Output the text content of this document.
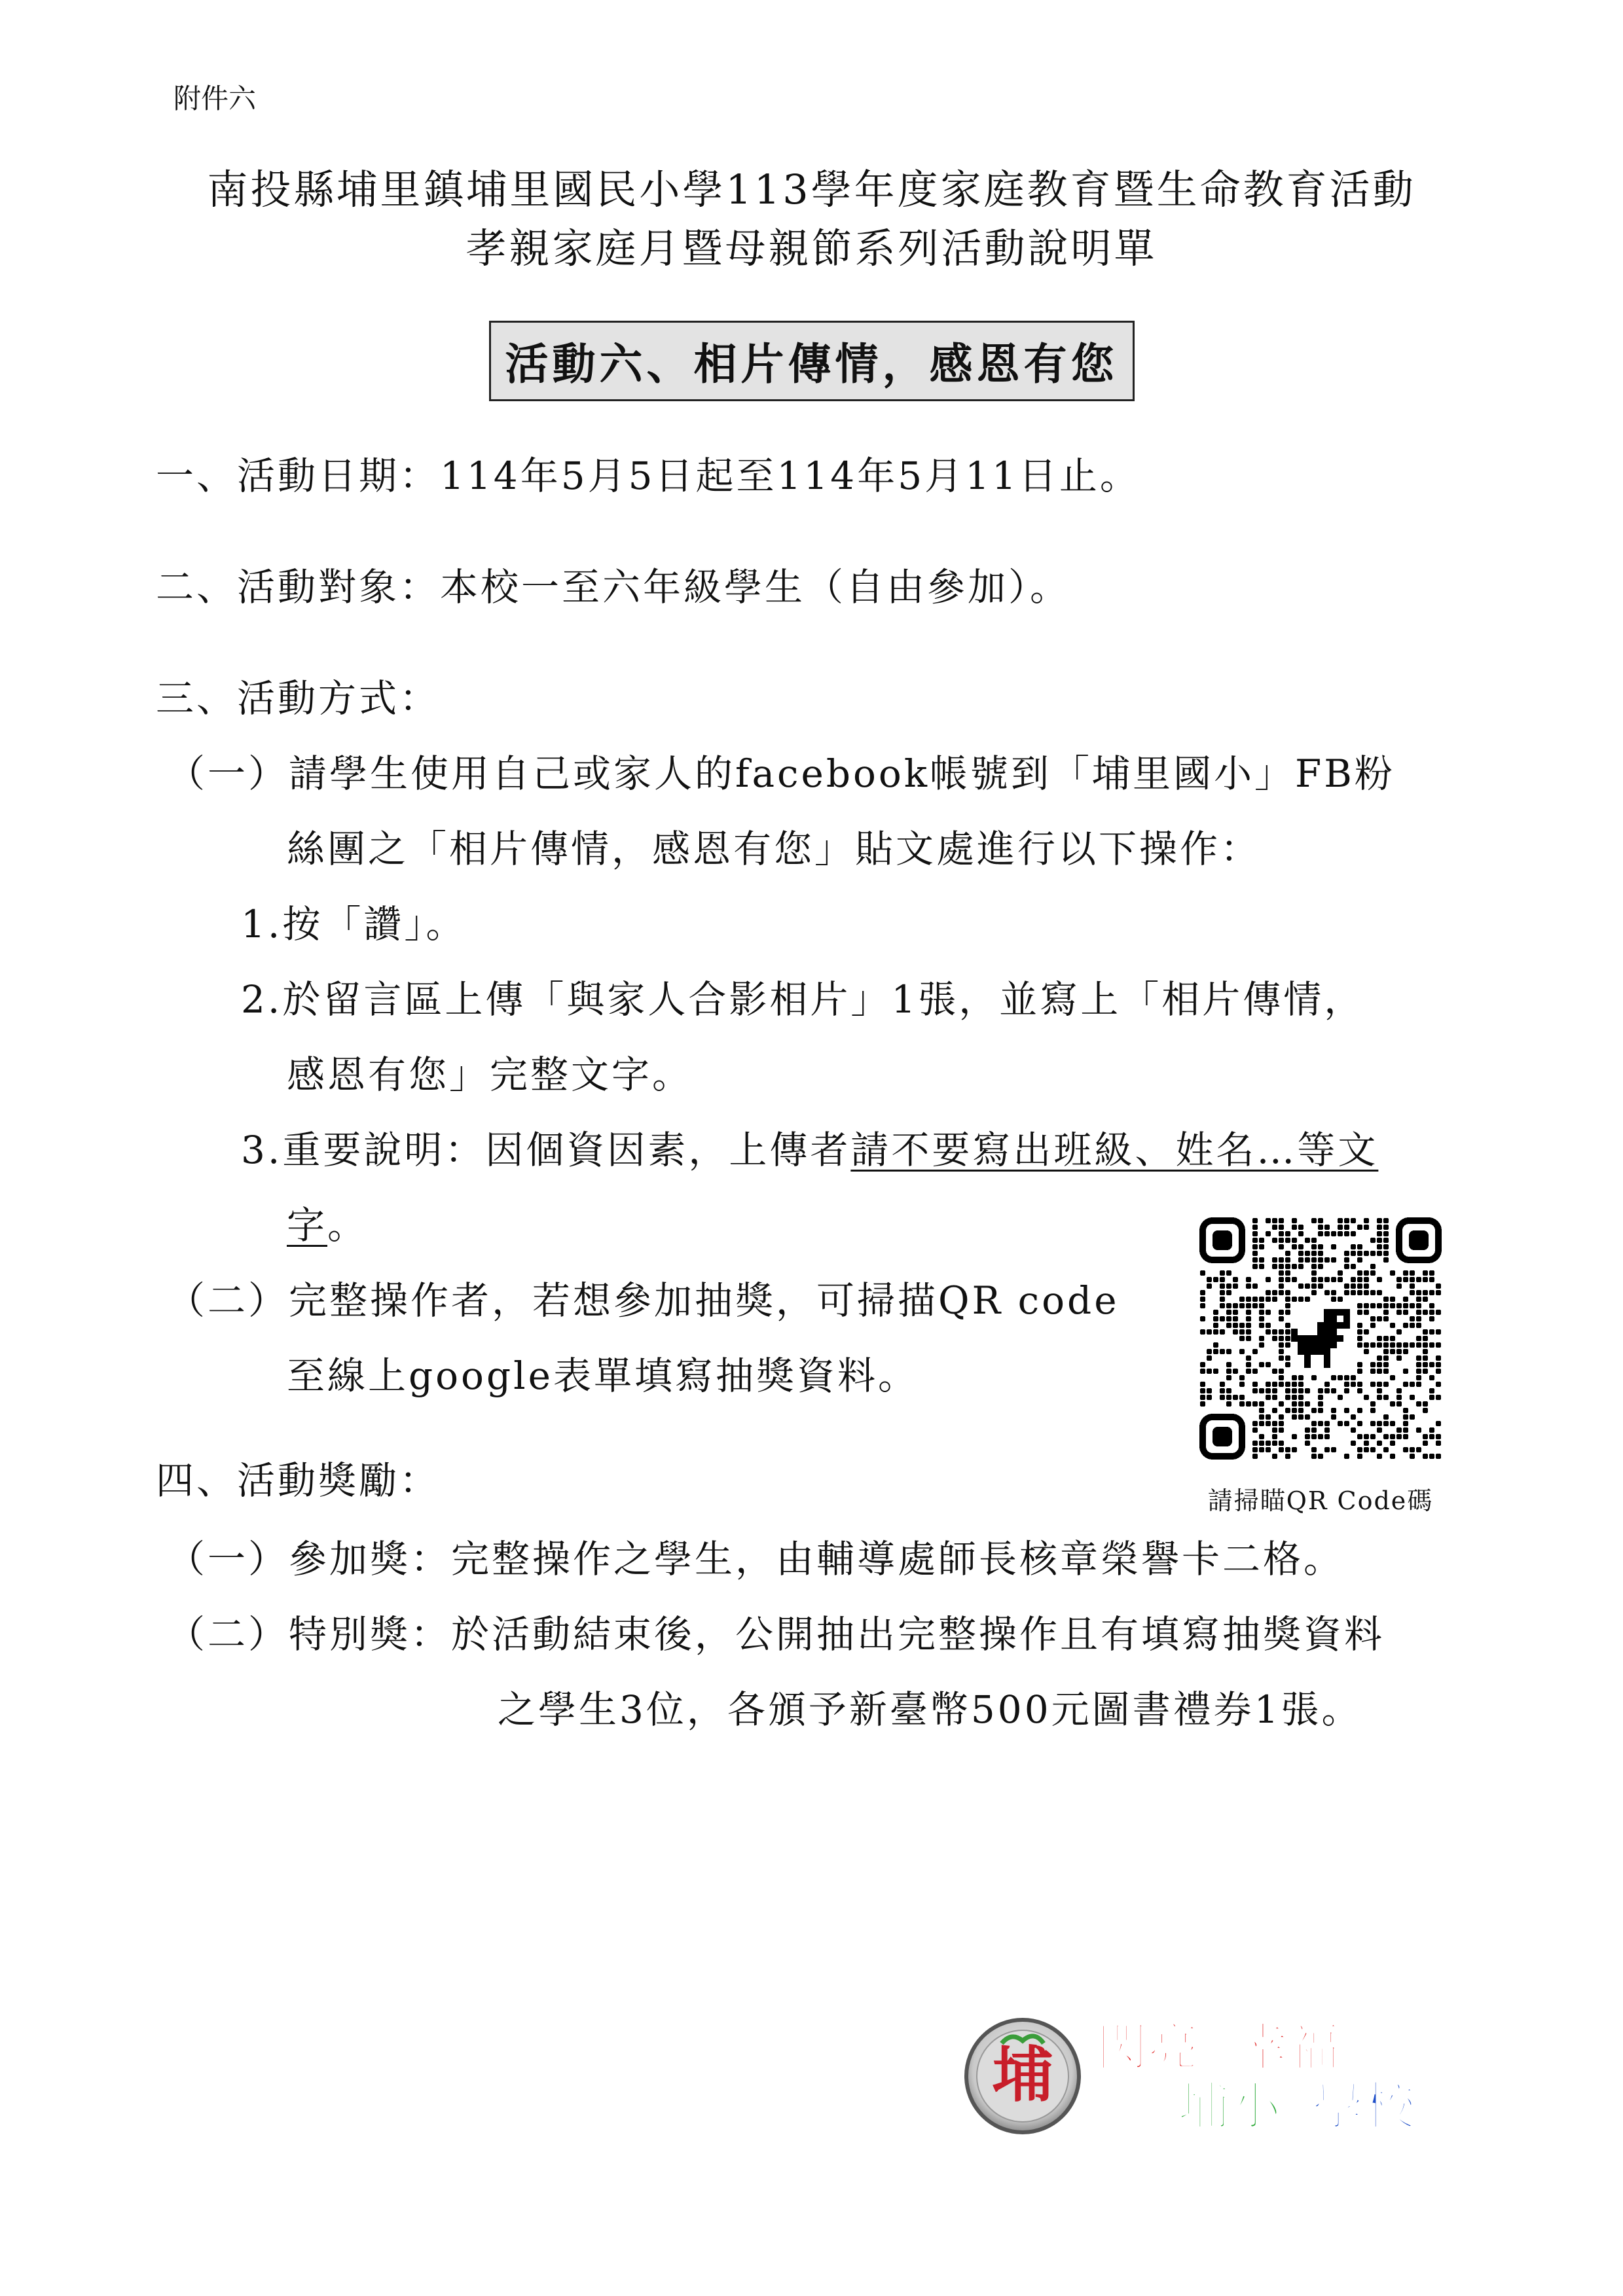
附件六
南投縣埔里鎮埔里國民小學113學年度家庭教育暨生命教育活動
孝親家庭月暨母親節系列活動說明單
活動六、相片傳情，感恩有您
一、活動日期：114年5月5日起至114年5月11日止。
二、活動對象：本校一至六年級學生（自由參加）。
三、活動方式：
（一）請學生使用自己或家人的facebook帳號到「埔里國小」FB粉
絲團之「相片傳情，感恩有您」貼文處進行以下操作：
1.按「讚」。
2.於留言區上傳「與家人合影相片」1張，並寫上「相片傳情，
感恩有您」完整文字。
3.重要說明：因個資因素，上傳者請不要寫出班級、姓名…等文
字。
（二）完整操作者，若想參加抽獎，可掃描QR code
至線上google表單填寫抽獎資料。
請掃瞄QR Code碼
四、活動獎勵：
（一）參加獎：完整操作之學生，由輔導處師長核章榮譽卡二格。
（二）特別獎：於活動結束後，公開抽出完整操作且有填寫抽獎資料
之學生3位，各頒予新臺幣500元圖書禮券1張。
埔 閃亮 幸福
埔小 學校
